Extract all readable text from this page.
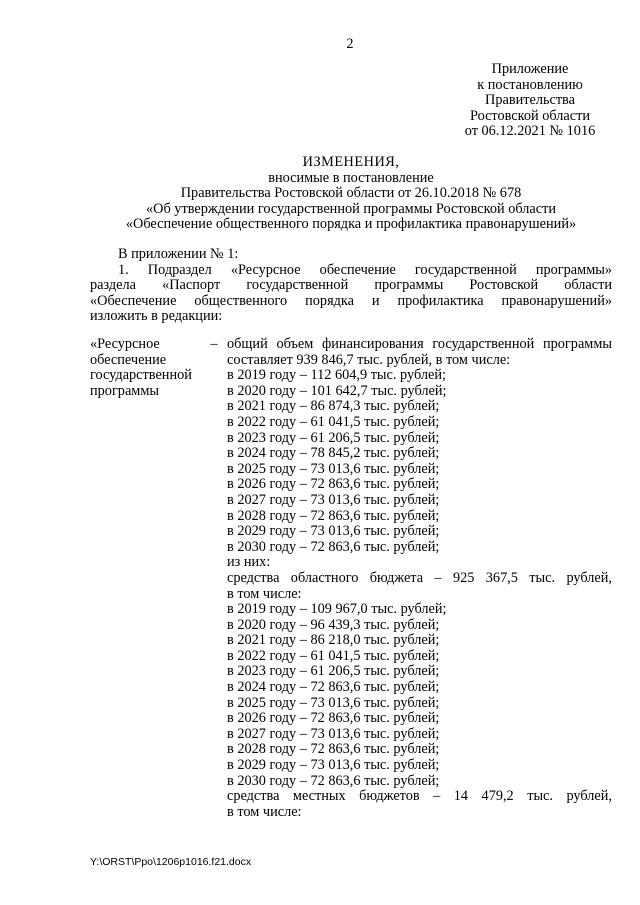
2
Приложение
к постановлению
Правительства
Ростовской области
от 06.12.2021 № 1016
ИЗМЕНЕНИЯ,
вносимые в постановление
Правительства Ростовской области от 26.10.2018 № 678
«Об утверждении государственной программы Ростовской области
«Обеспечение общественного порядка и профилактика правонарушений»
В приложении № 1:
1. Подраздел «Ресурсное обеспечение государственной программы»
раздела «Паспорт государственной программы Ростовской области
«Обеспечение общественного порядка и профилактика правонарушений»
изложить в редакции:
«Ресурсное
обеспечение
государственной
программы
– общий объем финансирования государственной программы
составляет 939 846,7 тыс. рублей, в том числе:
в 2019 году – 112 604,9 тыс. рублей;
в 2020 году – 101 642,7 тыс. рублей;
в 2021 году – 86 874,3 тыс. рублей;
в 2022 году – 61 041,5 тыс. рублей;
в 2023 году – 61 206,5 тыс. рублей;
в 2024 году – 78 845,2 тыс. рублей;
в 2025 году – 73 013,6 тыс. рублей;
в 2026 году – 72 863,6 тыс. рублей;
в 2027 году – 73 013,6 тыс. рублей;
в 2028 году – 72 863,6 тыс. рублей;
в 2029 году – 73 013,6 тыс. рублей;
в 2030 году – 72 863,6 тыс. рублей;
из них:
средства областного бюджета – 925 367,5 тыс. рублей,
в том числе:
в 2019 году – 109 967,0 тыс. рублей;
в 2020 году – 96 439,3 тыс. рублей;
в 2021 году – 86 218,0 тыс. рублей;
в 2022 году – 61 041,5 тыс. рублей;
в 2023 году – 61 206,5 тыс. рублей;
в 2024 году – 72 863,6 тыс. рублей;
в 2025 году – 73 013,6 тыс. рублей;
в 2026 году – 72 863,6 тыс. рублей;
в 2027 году – 73 013,6 тыс. рублей;
в 2028 году – 72 863,6 тыс. рублей;
в 2029 году – 73 013,6 тыс. рублей;
в 2030 году – 72 863,6 тыс. рублей;
средства местных бюджетов – 14 479,2 тыс. рублей,
в том числе:
Y:\ORST\Ppo\1206p1016.f21.docx
